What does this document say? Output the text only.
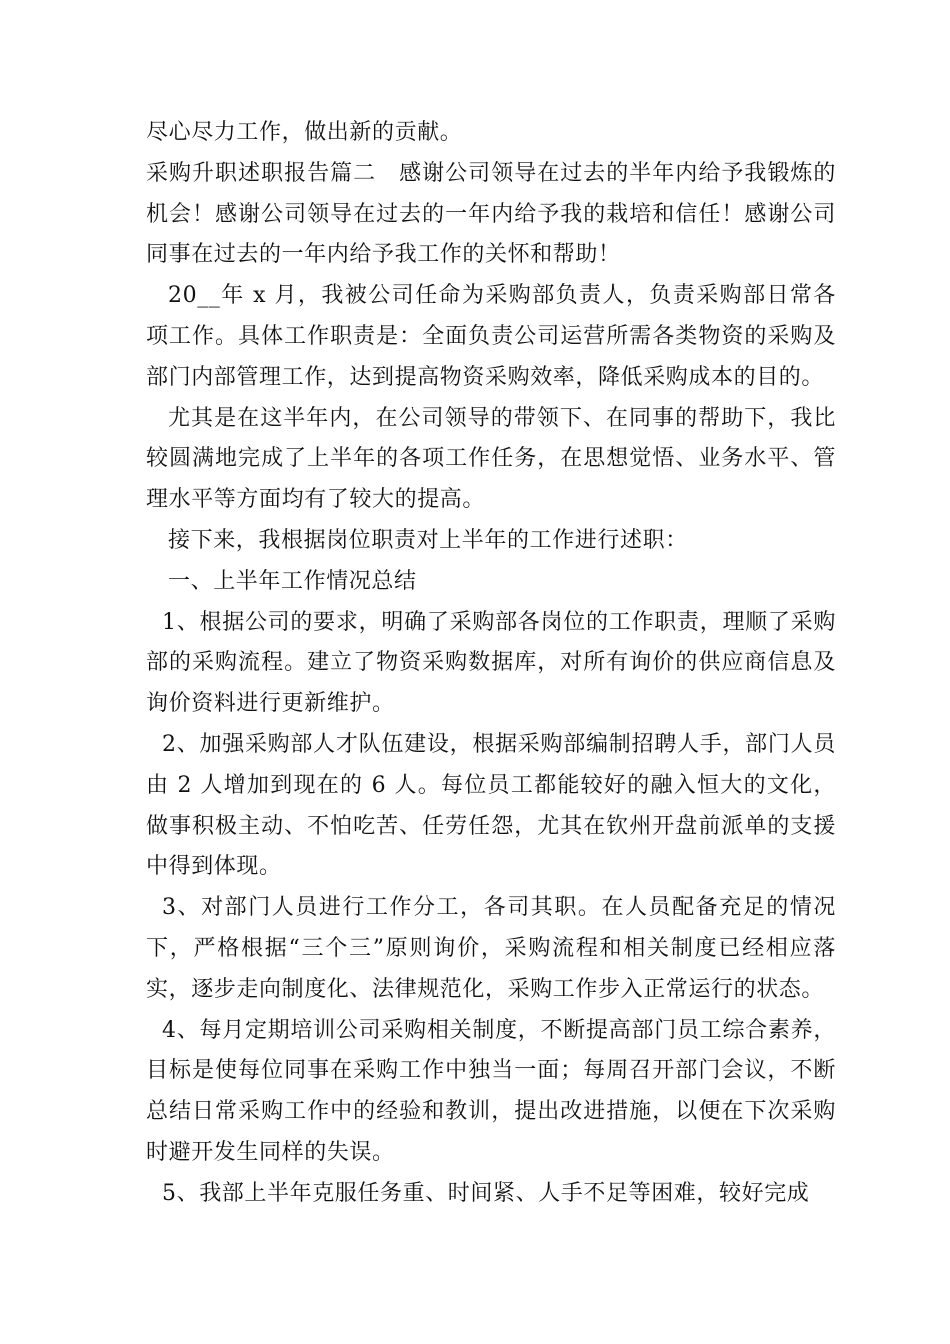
尽心尽力工作，做出新的贡献。

采购升职述职报告篇二　感谢公司领导在过去的半年内给予我锻炼的机会！感谢公司领导在过去的一年内给予我的栽培和信任！感谢公司同事在过去的一年内给予我工作的关怀和帮助！

20__年 x 月，我被公司任命为采购部负责人，负责采购部日常各项工作。具体工作职责是：全面负责公司运营所需各类物资的采购及部门内部管理工作，达到提高物资采购效率，降低采购成本的目的。

尤其是在这半年内，在公司领导的带领下、在同事的帮助下，我比较圆满地完成了上半年的各项工作任务，在思想觉悟、业务水平、管理水平等方面均有了较大的提高。

接下来，我根据岗位职责对上半年的工作进行述职：

一、上半年工作情况总结

1、根据公司的要求，明确了采购部各岗位的工作职责，理顺了采购部的采购流程。建立了物资采购数据库，对所有询价的供应商信息及询价资料进行更新维护。

2、加强采购部人才队伍建设，根据采购部编制招聘人手，部门人员由 2 人增加到现在的 6 人。每位员工都能较好的融入恒大的文化，做事积极主动、不怕吃苦、任劳任怨，尤其在钦州开盘前派单的支援中得到体现。

3、对部门人员进行工作分工，各司其职。在人员配备充足的情况下，严格根据“三个三”原则询价，采购流程和相关制度已经相应落实，逐步走向制度化、法律规范化，采购工作步入正常运行的状态。

4、每月定期培训公司采购相关制度，不断提高部门员工综合素养，目标是使每位同事在采购工作中独当一面；每周召开部门会议，不断总结日常采购工作中的经验和教训，提出改进措施，以便在下次采购时避开发生同样的失误。

5、我部上半年克服任务重、时间紧、人手不足等困难，较好完成
